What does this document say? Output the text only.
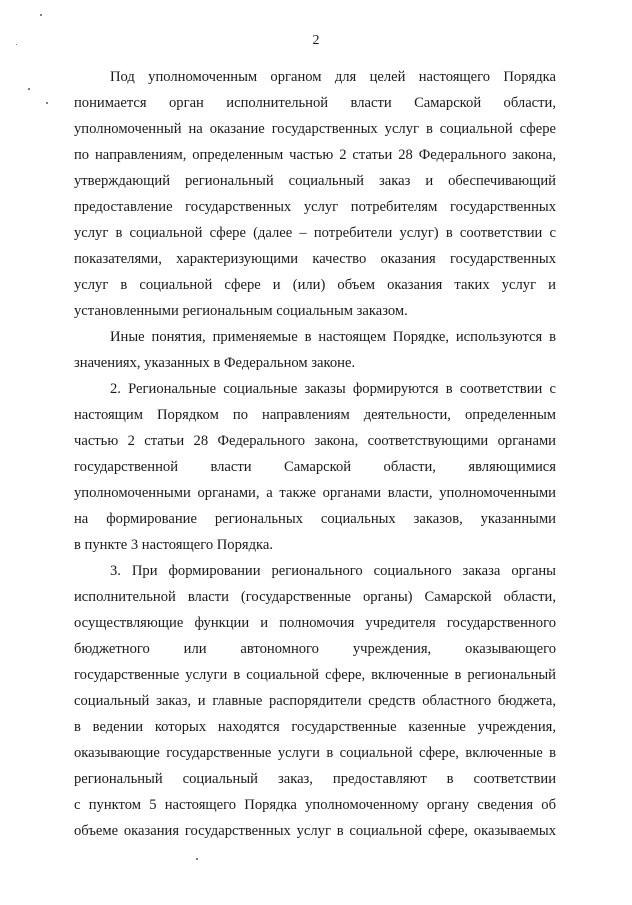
2
Под уполномоченным органом для целей настоящего Порядка
понимается орган исполнительной власти Самарской области,
уполномоченный на оказание государственных услуг в социальной сфере
по направлениям, определенным частью 2 статьи 28 Федерального закона,
утверждающий региональный социальный заказ и обеспечивающий
предоставление государственных услуг потребителям государственных
услуг в социальной сфере (далее – потребители услуг) в соответствии с
показателями, характеризующими качество оказания государственных
услуг в социальной сфере и (или) объем оказания таких услуг и
установленными региональным социальным заказом.
Иные понятия, применяемые в настоящем Порядке, используются в
значениях, указанных в Федеральном законе.
2. Региональные социальные заказы формируются в соответствии с
настоящим Порядком по направлениям деятельности, определенным
частью 2 статьи 28 Федерального закона, соответствующими органами
государственной власти Самарской области, являющимися
уполномоченными органами, а также органами власти, уполномоченными
на формирование региональных социальных заказов, указанными
в пункте 3 настоящего Порядка.
3. При формировании регионального социального заказа органы
исполнительной власти (государственные органы) Самарской области,
осуществляющие функции и полномочия учредителя государственного
бюджетного или автономного учреждения, оказывающего
государственные услуги в социальной сфере, включенные в региональный
социальный заказ, и главные распорядители средств областного бюджета,
в ведении которых находятся государственные казенные учреждения,
оказывающие государственные услуги в социальной сфере, включенные в
региональный социальный заказ, предоставляют в соответствии
с пунктом 5 настоящего Порядка уполномоченному органу сведения об
объеме оказания государственных услуг в социальной сфере, оказываемых
